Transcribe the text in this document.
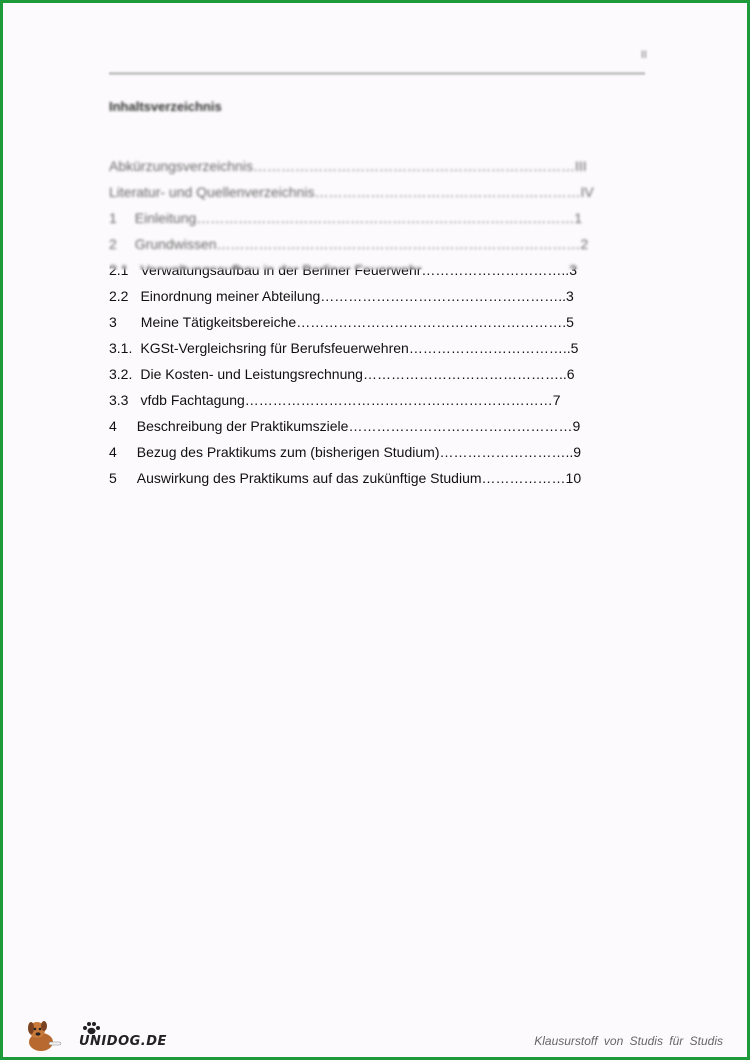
II
Inhaltsverzeichnis
Abkürzungsverzeichnis……………………………………………………………III
Literatur- und Quellenverzeichnis…………………………………………………IV
1 Einleitung………………………………………………………………………1
2 Grundwissen……………………………………………………………………2
2.1 Verwaltungsaufbau in der Berliner Feuerwehr…………………………..3
2.2 Einordnung meiner Abteilung……………………………………………..3
3 Meine Tätigkeitsbereiche………………………………………………….5
3.1. KGSt-Vergleichsring für Berufsfeuerwehren……………………………..5
3.2. Die Kosten- und Leistungsrechnung……………………………………..6
3.3 vfdb Fachtagung…………………………………………………………7
4 Beschreibung der Praktikumsziele…………………………………………9
4 Bezug des Praktikums zum (bisherigen Studium)………………………..9
5 Auswirkung des Praktikums auf das zukünftige Studium………………10
UNIDOG.DE	Klausurstoff von Studis für Studis
